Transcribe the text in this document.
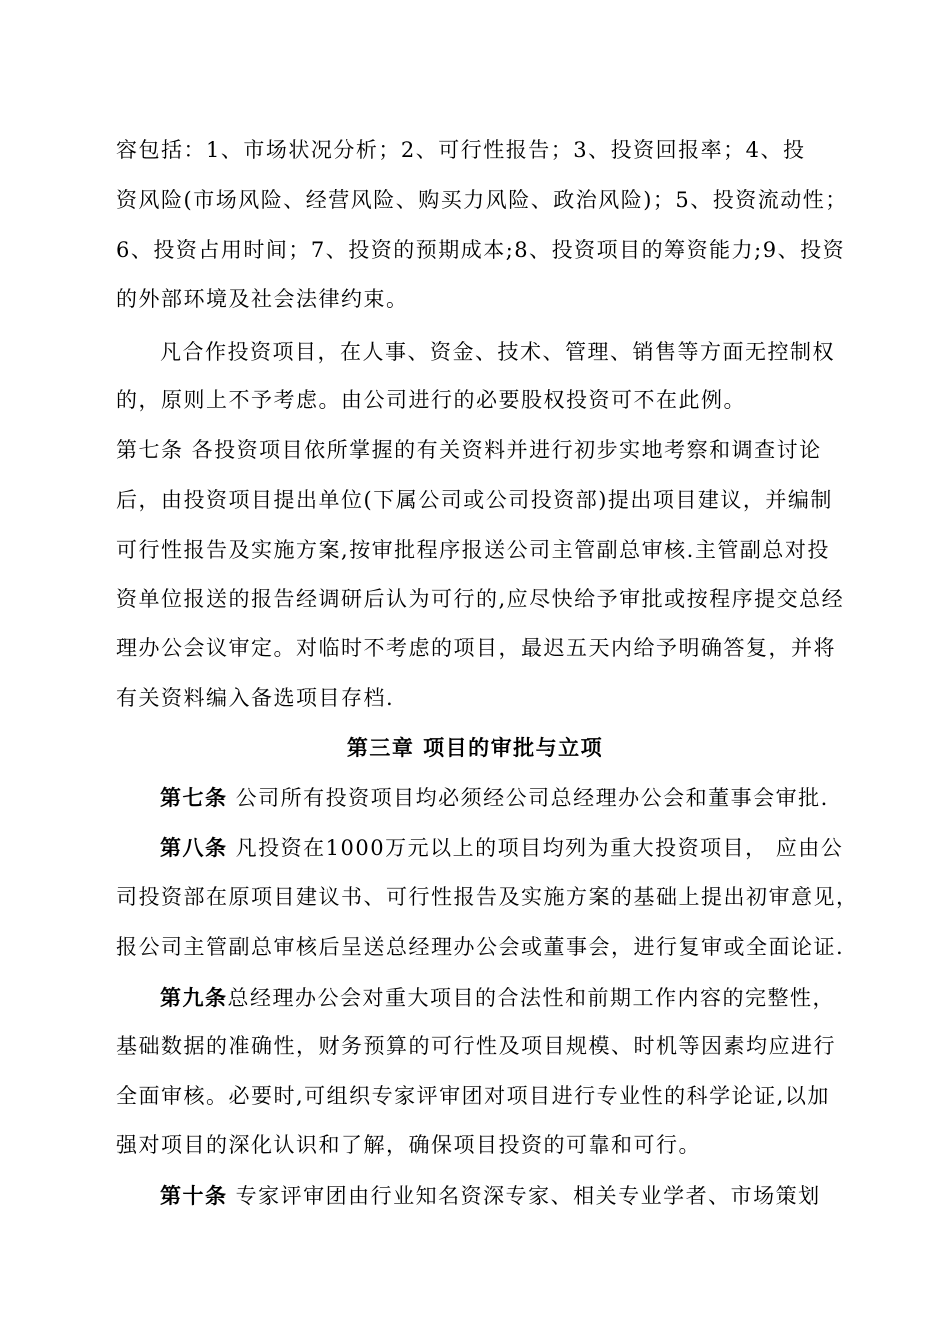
容包括：1、市场状况分析；2、可行性报告；3、投资回报率；4、投
资风险(市场风险、经营风险、购买力风险、政治风险)；5、投资流动性；
6、投资占用时间；7、投资的预期成本;8、投资项目的筹资能力;9、投资
的外部环境及社会法律约束。
凡合作投资项目，在人事、资金、技术、管理、销售等方面无控制权
的，原则上不予考虑。由公司进行的必要股权投资可不在此例。
第七条 各投资项目依所掌握的有关资料并进行初步实地考察和调查讨论
后，由投资项目提出单位(下属公司或公司投资部)提出项目建议，并编制
可行性报告及实施方案,按审批程序报送公司主管副总审核.主管副总对投
资单位报送的报告经调研后认为可行的,应尽快给予审批或按程序提交总经
理办公会议审定。对临时不考虑的项目，最迟五天内给予明确答复，并将
有关资料编入备选项目存档.
第三章 项目的审批与立项
第七条 公司所有投资项目均必须经公司总经理办公会和董事会审批.
第八条 凡投资在1000万元以上的项目均列为重大投资项目， 应由公
司投资部在原项目建议书、可行性报告及实施方案的基础上提出初审意见，
报公司主管副总审核后呈送总经理办公会或董事会，进行复审或全面论证.
第九条总经理办公会对重大项目的合法性和前期工作内容的完整性，
基础数据的准确性，财务预算的可行性及项目规模、时机等因素均应进行
全面审核。必要时,可组织专家评审团对项目进行专业性的科学论证,以加
强对项目的深化认识和了解，确保项目投资的可靠和可行。
第十条 专家评审团由行业知名资深专家、相关专业学者、市场策划
